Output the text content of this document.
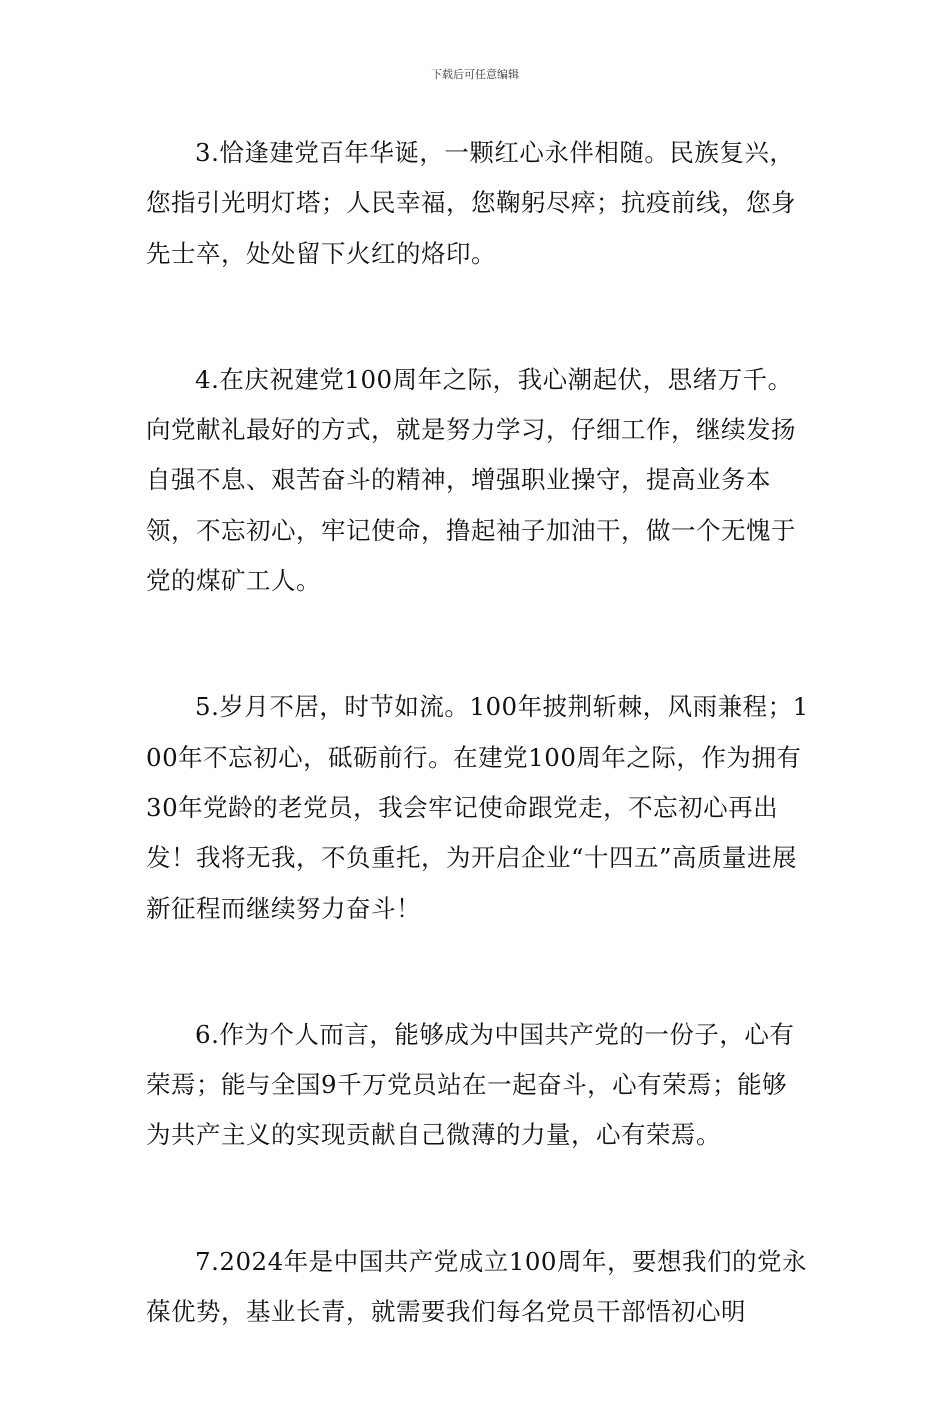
下载后可任意编辑

3.恰逢建党百年华诞，一颗红心永伴相随。民族复兴，您指引光明灯塔；人民幸福，您鞠躬尽瘁；抗疫前线，您身先士卒，处处留下火红的烙印。

4.在庆祝建党100周年之际，我心潮起伏，思绪万千。向党献礼最好的方式，就是努力学习，仔细工作，继续发扬自强不息、艰苦奋斗的精神，增强职业操守，提高业务本领，不忘初心，牢记使命，撸起袖子加油干，做一个无愧于党的煤矿工人。

5.岁月不居，时节如流。100年披荆斩棘，风雨兼程；100年不忘初心，砥砺前行。在建党100周年之际，作为拥有30年党龄的老党员，我会牢记使命跟党走，不忘初心再出发！我将无我，不负重托，为开启企业“十四五”高质量进展新征程而继续努力奋斗！

6.作为个人而言，能够成为中国共产党的一份子，心有荣焉；能与全国9千万党员站在一起奋斗，心有荣焉；能够为共产主义的实现贡献自己微薄的力量，心有荣焉。

7.2024年是中国共产党成立100周年，要想我们的党永葆优势，基业长青，就需要我们每名党员干部悟初心明
